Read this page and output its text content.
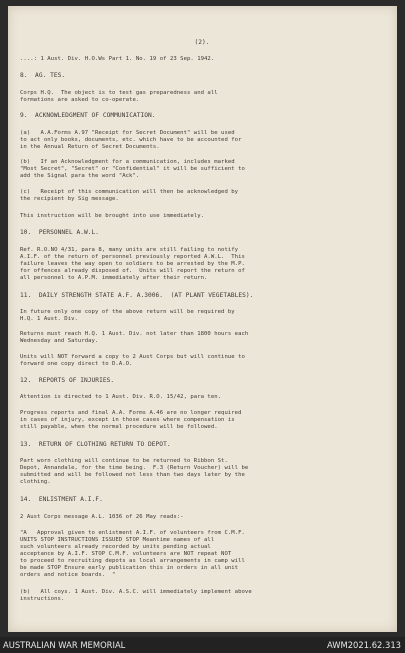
(2).
....: 1 Aust. Div. H.O.Ws Part 1. No. 19 of 23 Sep. 1942.
8.  AG. TES.
Corps H.Q.  The object is to test gas preparedness and all
formations are asked to co-operate.
9.  ACKNOWLEDGMENT OF COMMUNICATION.
(a)   A.A.Forms A.97 "Receipt for Secret Document" will be used
to act only books, documents, etc. which have to be accounted for
in the Annual Return of Secret Documents.
(b)   If an Acknowledgment for a communication, includes marked
"Most Secret", "Secret" or "Confidential" it will be sufficient to
add the Signal para the word "Ack".
(c)   Receipt of this communication will then be acknowledged by
the recipient by Sig message.
This instruction will be brought into use immediately.
10.  PERSONNEL A.W.L.
Ref. R.O.NO 4/31, para 8, many units are still failing to notify
A.I.F. of the return of personnel previously reported A.W.L.  This
failure leaves the way open to soldiers to be arrested by the M.P.
for offences already disposed of.  Units will report the return of
all personnel to A.P.M. immediately after their return.
11.  DAILY STRENGTH STATE A.F. A.3006.  (AT PLANT VEGETABLES).
In future only one copy of the above return will be required by
H.Q. 1 Aust. Div.
Returns must reach H.Q. 1 Aust. Div. not later than 1800 hours each
Wednesday and Saturday.
Units will NOT forward a copy to 2 Aust Corps but will continue to
forward one copy direct to D.A.O.
12.  REPORTS OF INJURIES.
Attention is directed to 1 Aust. Div. R.O. 15/42, para ten.
Progress reports and final A.A. Forms A.46 are no longer required
in cases of injury, except in those cases where compensation is
still payable, when the normal procedure will be followed.
13.  RETURN OF CLOTHING RETURN TO DEPOT.
Part worn clothing will continue to be returned to Ribbon St.
Depot, Annandale, for the time being.  F.3 (Return Voucher) will be
submitted and will be followed not less than two days later by the
clothing.
14.  ENLISTMENT A.I.F.
2 Aust Corps message A.L. 1036 of 26 May reads:-
"A   Approval given to enlistment A.I.F. of volunteers from C.M.F.
UNITS STOP INSTRUCTIONS ISSUED STOP Meantime names of all
such volunteers already recorded by units pending actual
acceptance by A.I.F. STOP C.M.F. volunteers are NOT repeat NOT
to proceed to recruiting depots as local arrangements in camp will
be made STOP Ensure early publication this in orders in all unit
orders and notice boards.  "
(b)   All coys. 1 Aust. Div. A.S.C. will immediately implement above
instructions.
AUSTRALIAN WAR MEMORIAL	AWM2021.62.313
